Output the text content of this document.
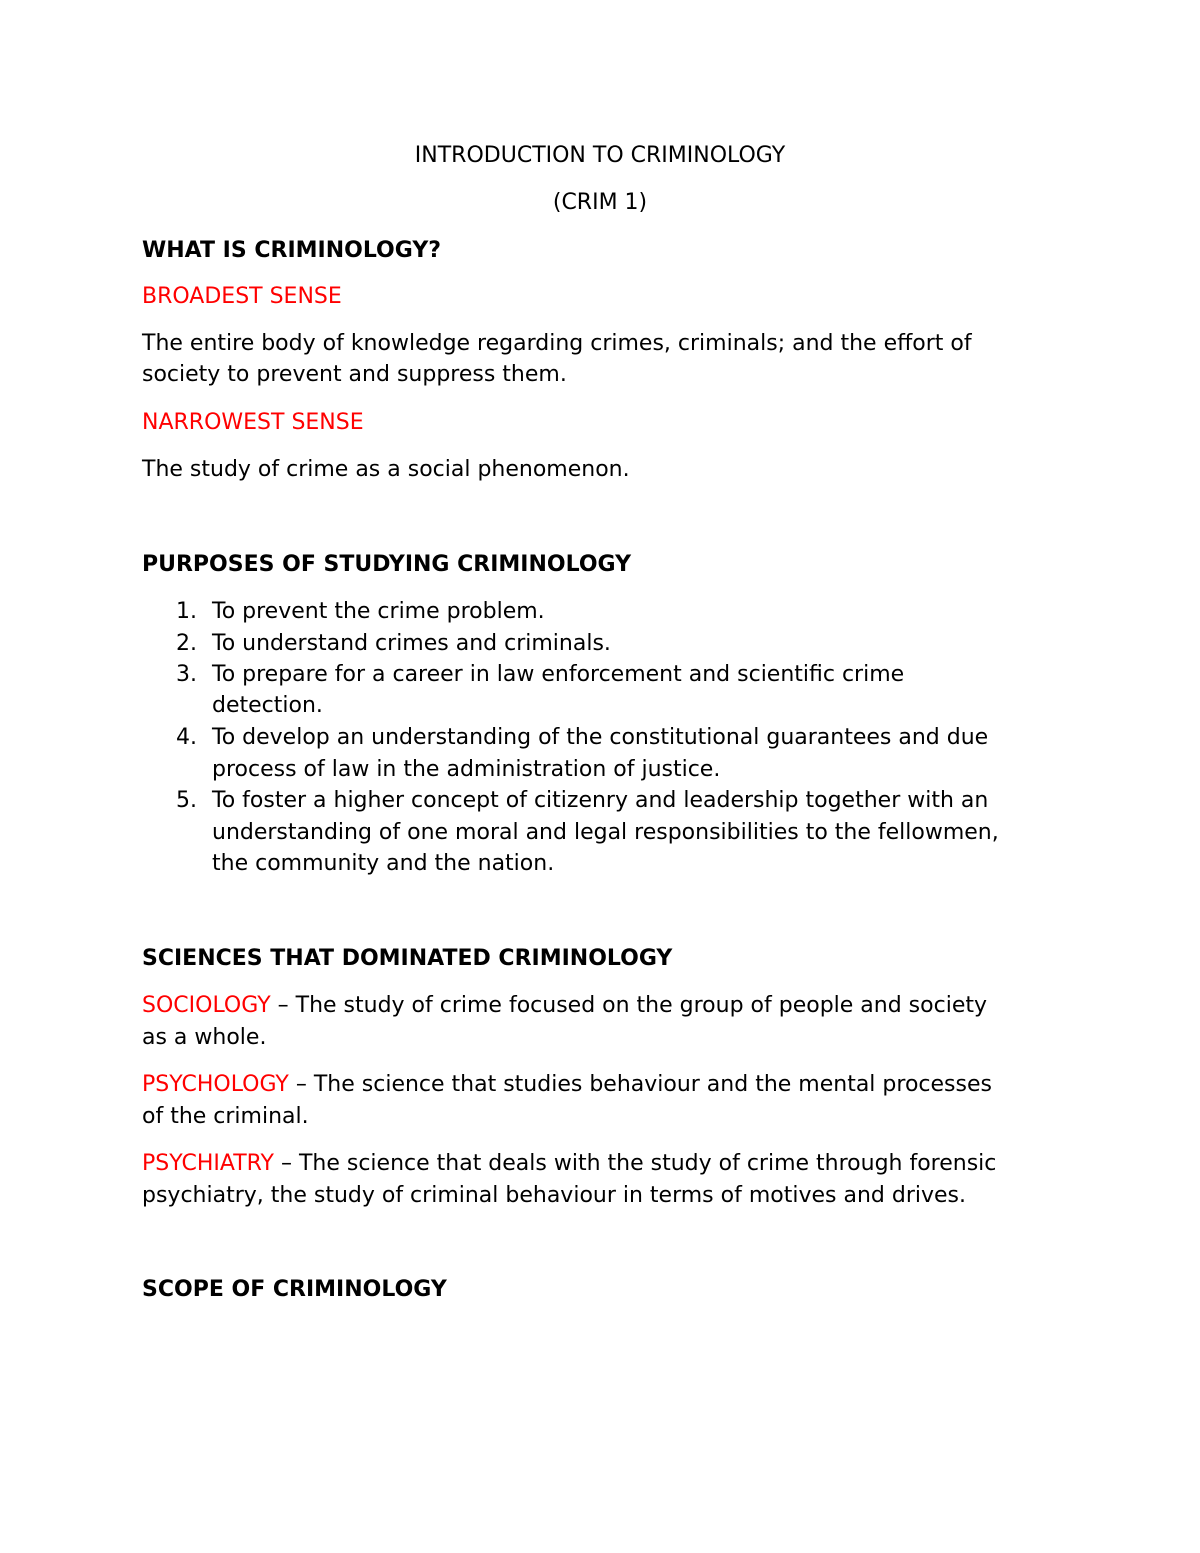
INTRODUCTION TO CRIMINOLOGY
(CRIM 1)
WHAT IS CRIMINOLOGY?
BROADEST SENSE
The entire body of knowledge regarding crimes, criminals; and the effort of
society to prevent and suppress them.
NARROWEST SENSE
The study of crime as a social phenomenon.
PURPOSES OF STUDYING CRIMINOLOGY
1. To prevent the crime problem.
2. To understand crimes and criminals.
3. To prepare for a career in law enforcement and scientific crime
detection.
4. To develop an understanding of the constitutional guarantees and due
process of law in the administration of justice.
5. To foster a higher concept of citizenry and leadership together with an
understanding of one moral and legal responsibilities to the fellowmen,
the community and the nation.
SCIENCES THAT DOMINATED CRIMINOLOGY
SOCIOLOGY – The study of crime focused on the group of people and society
as a whole.
PSYCHOLOGY – The science that studies behaviour and the mental processes
of the criminal.
PSYCHIATRY – The science that deals with the study of crime through forensic
psychiatry, the study of criminal behaviour in terms of motives and drives.
SCOPE OF CRIMINOLOGY
